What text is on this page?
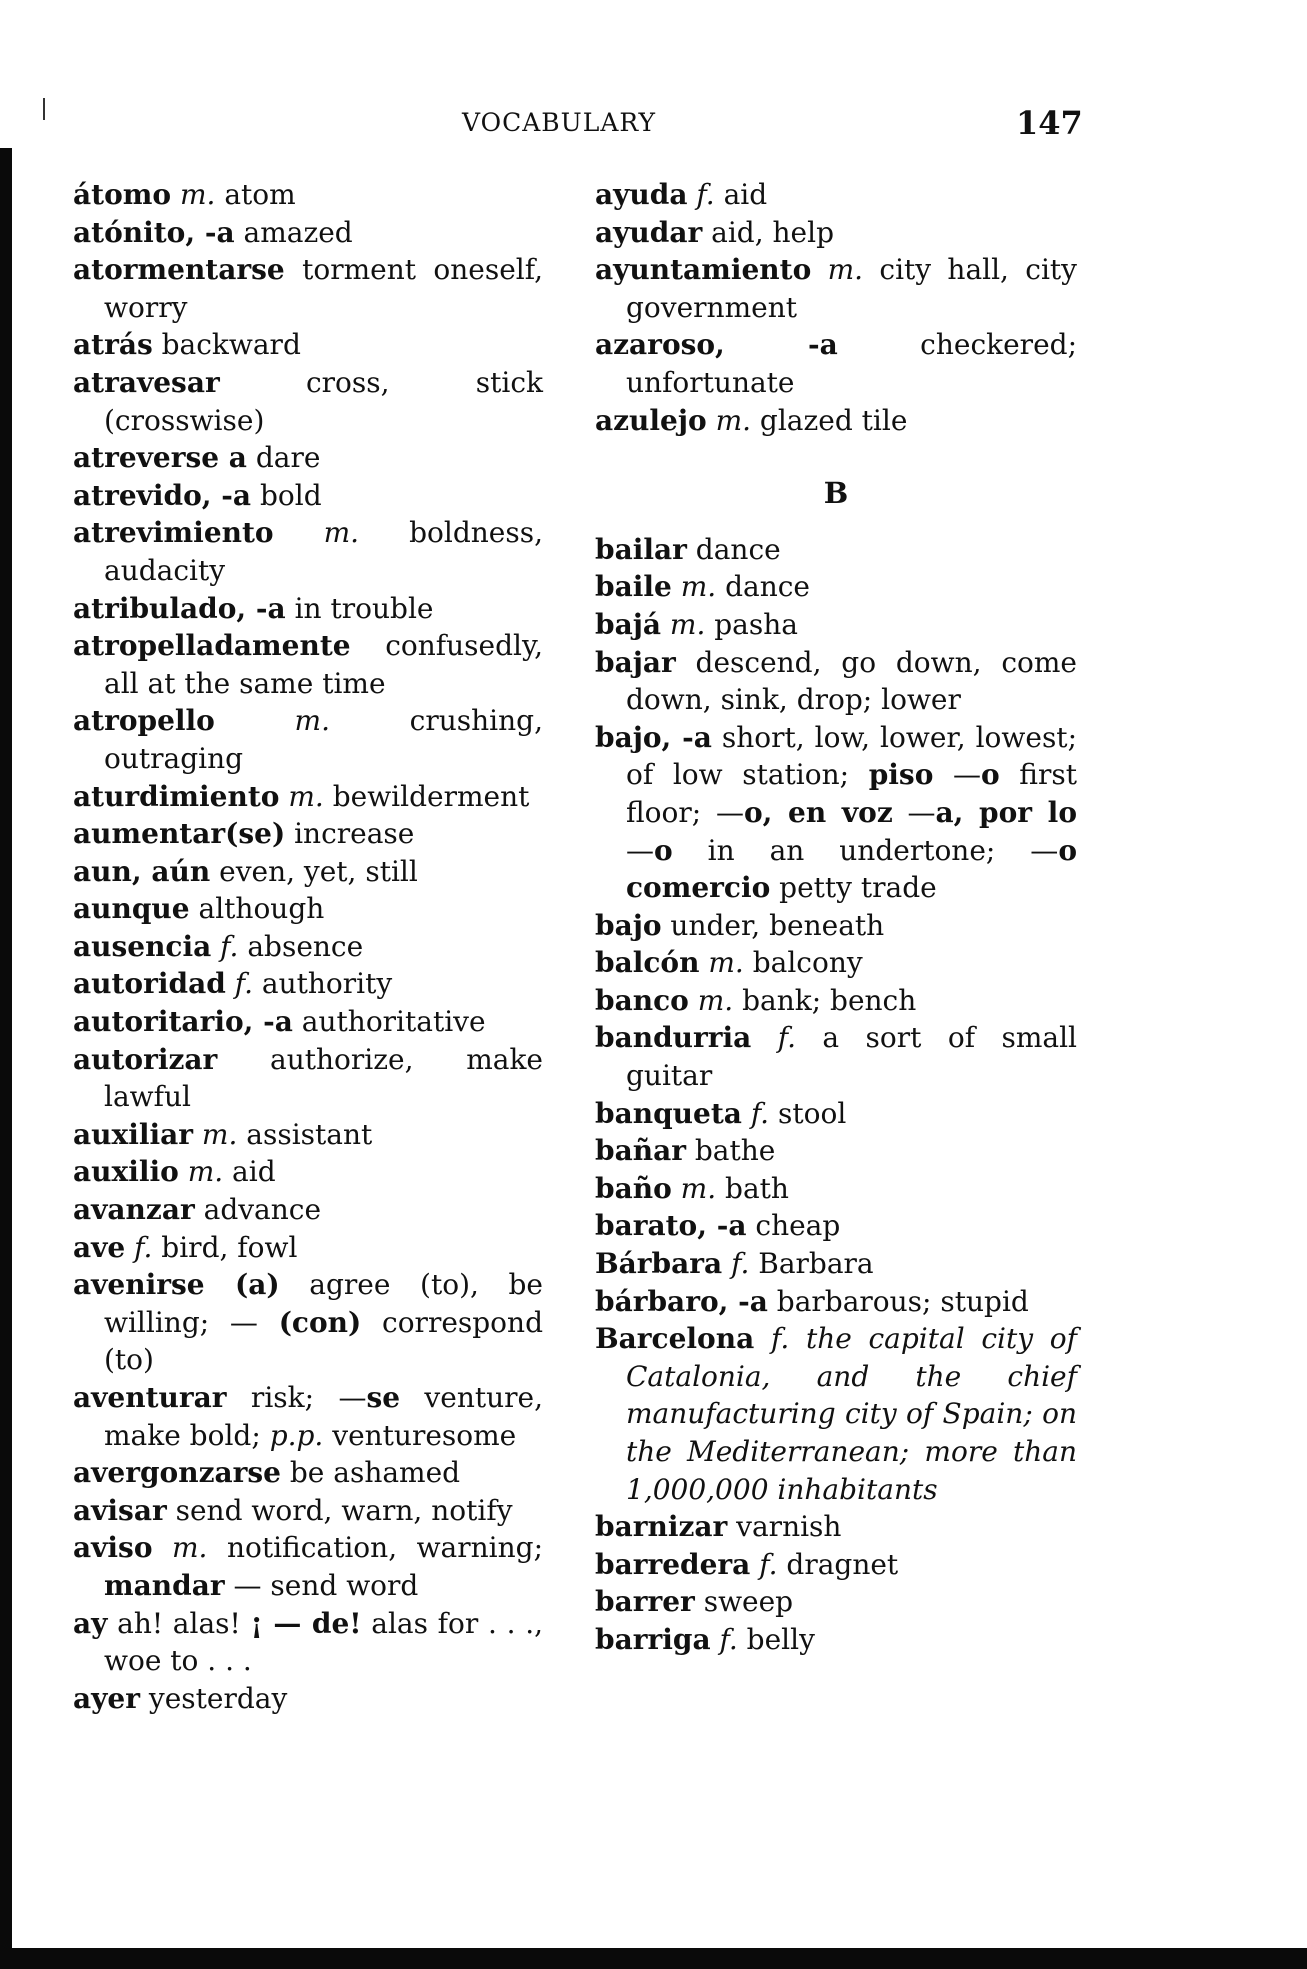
VOCABULARY	147
átomo m. atom
atónito, -a amazed
atormentarse torment oneself, worry
atrás backward
atravesar cross, stick (crosswise)
atreverse a dare
atrevido, -a bold
atrevimiento m. boldness, audacity
atribulado, -a in trouble
atropelladamente confusedly, all at the same time
atropello	m. crushing, outraging
aturdimiento m. bewilderment
aumentar(se) increase
aun, aún even, yet, still
aunque although
ausencia f. absence
autoridad f. authority
autoritario, -a authoritative
autorizar authorize, make lawful
auxiliar m. assistant
auxilio m. aid
avanzar advance
ave f. bird, fowl
avenirse (a) agree (to), be willing; — (con) correspond (to)
aventurar risk; —se venture, make bold; p.p. venturesome
avergonzarse be ashamed
avisar send word, warn, notify
aviso m. notification, warning; mandar — send word
ay ah! alas! ¡ — de! alas for . . ., woe to . . .
ayer yesterday
ayuda f. aid
ayudar aid, help
ayuntamiento m. city hall, city government
azaroso, -a checkered; unfortunate
azulejo m. glazed tile
B
bailar dance
baile m. dance
bajá m. pasha
bajar descend, go down, come down, sink, drop; lower
bajo, -a short, low, lower, lowest; of low station; piso —o first floor; —o, en voz —a, por lo —o in an undertone; —o comercio petty trade
bajo under, beneath
balcón m. balcony
banco m. bank; bench
bandurria f. a sort of small guitar
banqueta f. stool
bañar bathe
baño m. bath
barato, -a cheap
Bárbara f. Barbara
bárbaro, -a barbarous; stupid
Barcelona f. the capital city of Catalonia, and the chief manufacturing city of Spain; on the Mediterranean; more than 1,000,000 inhabitants
barnizar varnish
barredera f. dragnet
barrer sweep
barriga f. belly
